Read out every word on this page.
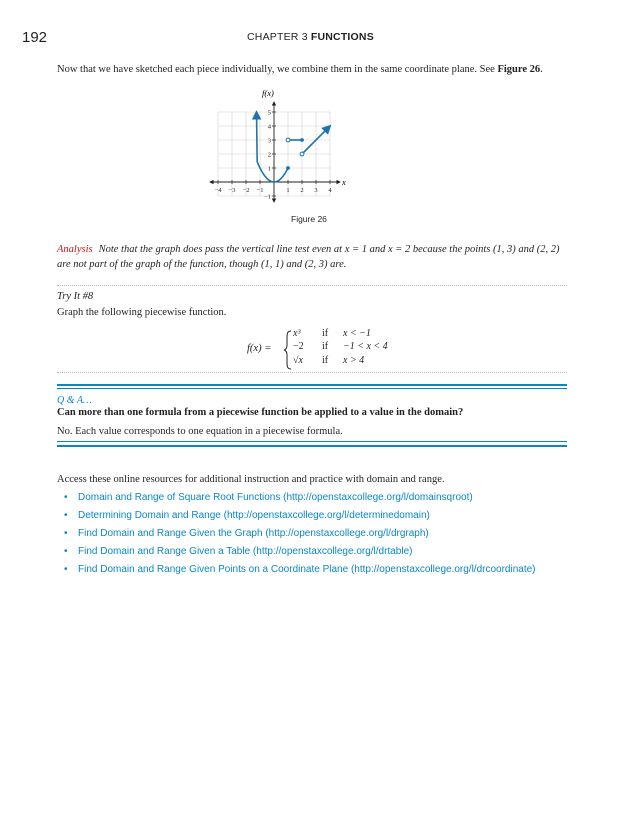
192	CHAPTER 3 FUNCTIONS
Now that we have sketched each piece individually, we combine them in the same coordinate plane. See Figure 26.
−4 −3 −2 −1	1 2 3 4
5
4
3
2
1
−1
f(x)
x
Figure 26
Analysis Note that the graph does pass the vertical line test even at x = 1 and x = 2 because the points (1, 3) and (2, 2) are not part of the graph of the function, though (1, 1) and (2, 3) are.
Try It #8
Graph the following piecewise function.
f(x) =
x³ if x < −1
−2 if −1 < x < 4
√x if x > 4
Q & A…
Can more than one formula from a piecewise function be applied to a value in the domain?
No. Each value corresponds to one equation in a piecewise formula.
Access these online resources for additional instruction and practice with domain and range.
• Domain and Range of Square Root Functions (http://openstaxcollege.org/l/domainsqroot)
• Determining Domain and Range (http://openstaxcollege.org/l/determinedomain)
• Find Domain and Range Given the Graph (http://openstaxcollege.org/l/drgraph)
• Find Domain and Range Given a Table (http://openstaxcollege.org/l/drtable)
• Find Domain and Range Given Points on a Coordinate Plane (http://openstaxcollege.org/l/drcoordinate)
